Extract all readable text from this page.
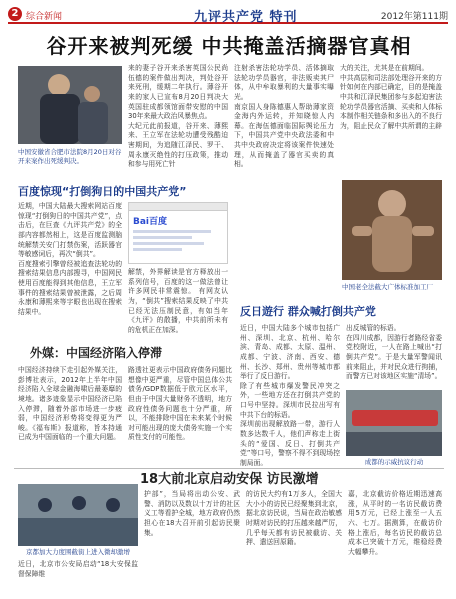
2 综合新闻	九评共产党 特刊	2012年第111期
谷开来被判死缓 中共掩盖活摘器官真相
中国安徽省合肥市法院8月20日对谷开来案作出死缓判决。
来的妻子谷开来杀害英国公民尚伍德的案件做出判决，判处谷开来死刑，缓期二年执行。薄谷开来的家人已宣布8月20日判决大英国驻成都领馆面带安慰的中国30年来最大政治风暴焦点。
大纪元此前报道，谷开来、薄熙来、王立军在法轮功遭受残酷迫害期间，为追随江泽民、罗干、周永康灭绝性的打压政策，推动和参与用死亡针
注射杀害法轮功学员、活体摘取法轮功学员器官，非法贩卖其尸体，从中牟取暴利的大量事实曝光。
南京国人身陈德惠人帮助薄家资金海内外运转，并知晓惊人内幕。在海伍德面临国际舆论压力下，中国共产党中央政法委和中共中央政府决定将该案件快速处理，从而掩盖了器官买卖的真相。
大的关注，尤其是在前期间。
中共高层和司法部处理谷开来的方针如何在内部已确定，目的是掩盖中共和江泽民集团参与多起迫害法轮功学员器官活摘、买卖和人体标本制作相关链条和多出入的不良行为，阻止民众了解中共所谓的主辟
百度惊现“打倒狗日的中国共产党”
近期，中国大陆最大搜索网站百度惊现“打倒狗日的中国共产党”，点击后，在巨查《九评共产党》的全部内容都然相上，这是百度监测脑统解禁关安门打禁伤案，活跃器官等敏感词后，再次“倒共”。
百度搜索引擎曾经被追查法轮功的搜索结果信息内部搜寻，中国网民使用百度能得到其他信息，王立军事件的搜索结果曾被泄露，之后周永康和薄熙来等字眼也出现在搜索结果中。
Bai百度
解禁，外界解读是官方释放出一系列信号，百度的这一做法曾让许多网民非常震惊。 有网友认为，“倒共”搜索结果反映了中共已经无法压制民意，有如当年《九评》的散播，中共前所未有的危机正在加深。
中国老全法截大广体标准加工厂
外媒：中国经济陷入停滞
中国经济持续下走引起外媒关注，彭博社表示，2012年上半年中国经济陷入全球金融海啸后最萎靡的境地。诸多迹象显示中国经济已陷入停滞，随着外部市场进一步疲弱，中国经济形势将变得更为严峻。《福布斯》报道称，旨本持通已成为中国面临的一个重大问题。
路透社更表示中国政府债务问题比想像中更严重，尽管中国总体公共债务/GDP数据低于欧元区水平，但由于中国大量财务不透明，地方政府性债务问题也十分严重，所以，不能排除中国在未来某个时候对可能出现的庞大债务实施一个实质性支付的可能性。
反日遊行 群众喊打倒共产党
近日，中国大陆多个城市包括广州、深圳、北京、杭州、哈尔滨、青岛、成都、太原、温州、成都、宁波、济南、西安、德州、长沙、郑州、贵州等城市都举行了反日游行。
除了有些城市爆发警民冲突之外，一些地方还在打倒共产党的口号中坚持。深圳市民拉出写有中共下台的标语。
深圳前出现解放路一带，游行人数多达数千人，他们声称走上街头的“爱国、反日、打倒共产党”等口号，警察不得不到现场控制局面。
出反城管的标语。
在四川成都，因游行者路经省委党校附近，一人在路上喊出“打倒共产党”。于是大量军警闻讯前来阻止，并对民众进行拘捕，而警方已对该地区实施“清场”。
成都的示威抗议行动
18大前北京启动安保 访民激增
京都加大力度围截街上进入微却激增
近日，北京市公安局启动“18大安保监督保障维
护部”，当局将出动公安、武警、消防以及数以十万计的社区义工等看护全城，地方政府仍然担心在18大召开前引起访民聚集。
的访民大约有1万多人，全国大大小小的访民已经聚集到北京，据北京访民说，当局在政治敏感时期对访民的打压越来越严厉，几乎每天都有访民被截访、关押、遣送回原籍。
嘉，北京截访价格近期迅速高涨，从平时的一名访民截访费用5万元，已经上涨至一人五六、七万。据测算，在截访价格上涨后，每名访民的截访总成本已突破十万元，维稳经费大幅攀升。
